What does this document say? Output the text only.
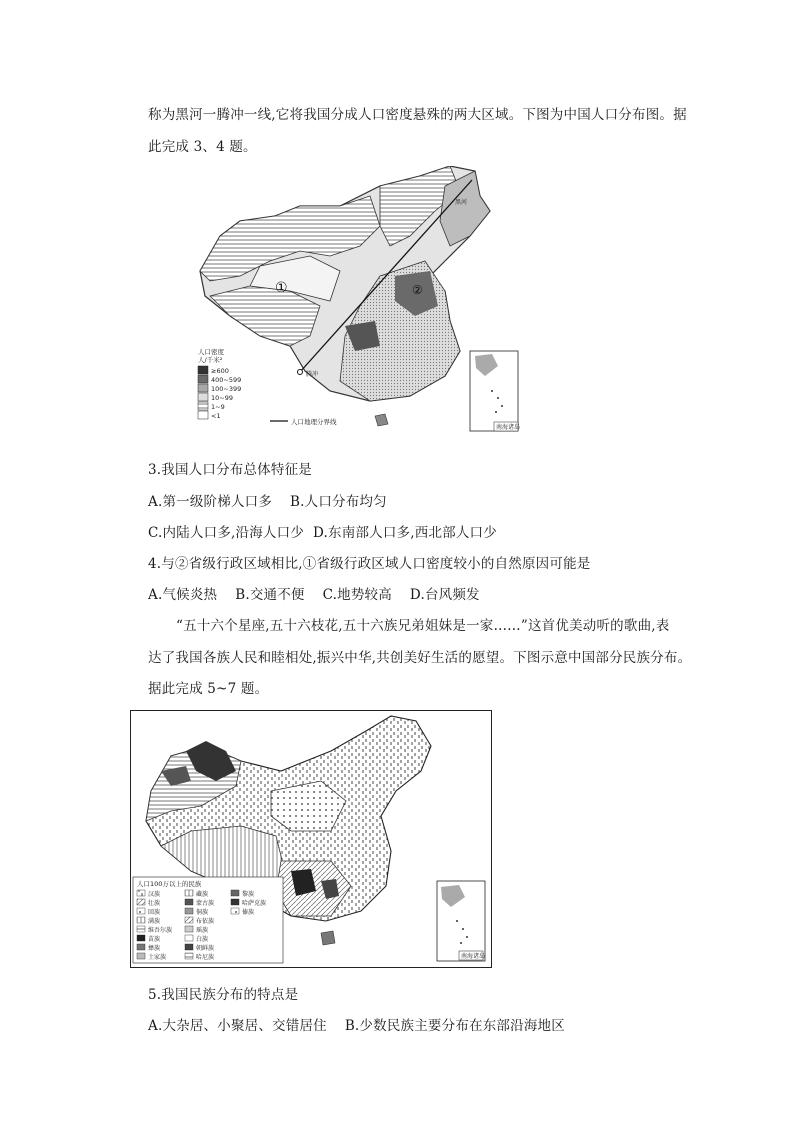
称为黑河一腾冲一线,它将我国分成人口密度悬殊的两大区域。下图为中国人口分布图。据
此完成 3、4 题。
黑河
腾冲
①	②
人口密度
人/千米²
≥600
400~599
100~399
10~99
1~9
<1
人口地理分界线
南海诸岛
3.我国人口分布总体特征是
A.第一级阶梯人口多 B.人口分布均匀
C.内陆人口多,沿海人口少 D.东南部人口多,西北部人口少
4.与②省级行政区域相比,①省级行政区域人口密度较小的自然原因可能是
A.气候炎热 B.交通不便 C.地势较高 D.台风频发
“五十六个星座,五十六枝花,五十六族兄弟姐妹是一家……”这首优美动听的歌曲,表
达了我国各族人民和睦相处,振兴中华,共创美好生活的愿望。下图示意中国部分民族分布。
据此完成 5~7 题。
人口100万以上的民族
汉族
壮族
回族
满族
维吾尔族
苗族
彝族
土家族
藏族
蒙古族
侗族
布依族
瑶族
白族
朝鲜族
哈尼族
黎族
哈萨克族
傣族
南海诸岛
5.我国民族分布的特点是
A.大杂居、小聚居、交错居住 B.少数民族主要分布在东部沿海地区
